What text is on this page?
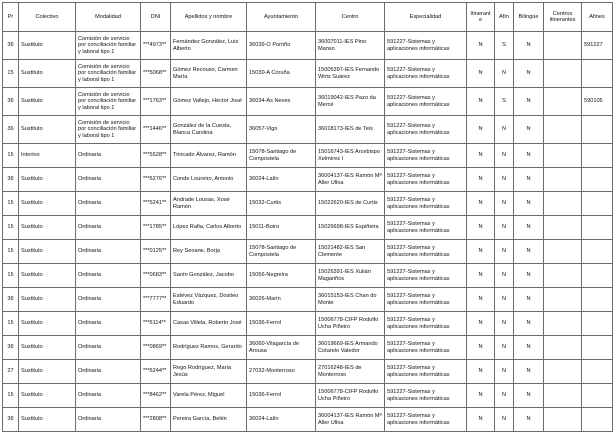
Pr	Colectivo	Modalidad	DNI	Apellidos y nombre	Ayuntamiento	Centro	Especialidad	Itinerante	Afín	Bilingüe	Centros itinerantes	Afines
36	Sustituto	Comisión de servicio por conciliación familiar y laboral tipo 1	***4973**	Fernández González, Luis Alberto	36039-O Porriño	36007011-IES Pino Manso	591227-Sistemas y aplicaciones informáticas	N	S	N		591227
15	Sustituto	Comisión de servicio por conciliación familiar y laboral tipo 1	***5068**	Gómez Recouso, Carmen María	15030-A Coruña	15005397-IES Fernando Wirtz Suárez	591227-Sistemas y aplicaciones informáticas	N	N	N		
36	Sustituto	Comisión de servicio por conciliación familiar y laboral tipo 1	***1763**	Gómez Vallejo, Héctor José	36034-As Neves	36019042-IES Pazo da Mercé	591227-Sistemas y aplicaciones informáticas	N	S	N		590105
36	Sustituto	Comisión de servicio por conciliación familiar y laboral tipo 1	***1446**	González de la Cuesta, Blanca Carolina	36057-Vigo	36018173-IES de Teis	591227-Sistemas y aplicaciones informáticas	N	N	N		
15	Interino	Ordinaria	***5528**	Trincado Álvarez, Ramón	15078-Santiago de Compostela	15016743-IES Arcebispo Xelmírez I	591227-Sistemas y aplicaciones informáticas	N	N	N		
36	Sustituto	Ordinaria	***6276**	Conde Loureiro, Antonio	36024-Lalín	36004137-IES Ramón Mª Aller Ulloa	591227-Sistemas y aplicaciones informáticas	N	N	N		
15	Sustituto	Ordinaria	***5241**	Andrade Lousas, Xosé Ramón	15032-Curtis	15022620-IES de Curtis	591227-Sistemas y aplicaciones informáticas	N	N	N		
15	Sustituto	Ordinaria	***1785**	López Rafia, Carlos Alberto	15011-Boiro	15026698-IES Espiñeira	591227-Sistemas y aplicaciones informáticas	N	N	N		
15	Sustituto	Ordinaria	***0125**	Rey Seoane, Borja	15078-Santiago de Compostela	15021482-IES San Clemente	591227-Sistemas y aplicaciones informáticas	N	N	N		
15	Sustituto	Ordinaria	***0683**	Sanín González, Jacobo	15056-Negreira	15026391-IES Xulián Magariños	591227-Sistemas y aplicaciones informáticas	N	N	N		
36	Sustituto	Ordinaria	***7777**	Estévez Vázquez, Dositeo Eduardo	36026-Marín	36015153-IES Chan do Monte	591227-Sistemas y aplicaciones informáticas	N	N	N		
15	Sustituto	Ordinaria	***6114**	Casas Villela, Roberto José	15036-Ferrol	15006778-CIFP Rodolfo Ucha Piñeiro	591227-Sistemas y aplicaciones informáticas	N	N	N		
36	Sustituto	Ordinaria	***0869**	Rodríguez Ramos, Gerardo	36060-Vilagarcía de Arousa	36019669-IES Armando Cotarelo Valedor	591227-Sistemas y aplicaciones informáticas	N	N	N		
27	Sustituto	Ordinaria	***6244**	Rego Rodríguez, María Jesús	27032-Monterroso	27016248-IES de Monterroso	591227-Sistemas y aplicaciones informáticas	N	N	N		
15	Sustituto	Ordinaria	***8462**	Varela Pérez, Miguel	15036-Ferrol	15006778-CIFP Rodolfo Ucha Piñeiro	591227-Sistemas y aplicaciones informáticas	N	N	N		
36	Sustituto	Ordinaria	***2808**	Pereira García, Belén	36024-Lalín	36004137-IES Ramón Mª Aller Ulloa	591227-Sistemas y aplicaciones informáticas	N	N	N		
